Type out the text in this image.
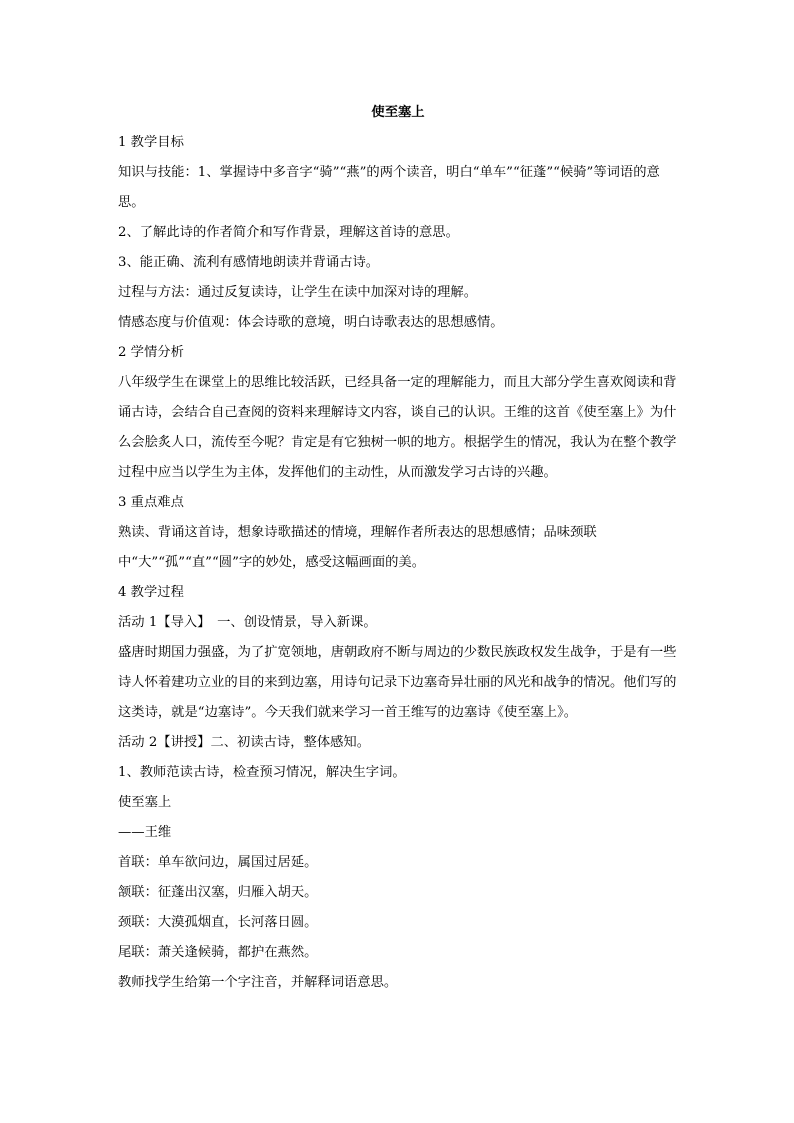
使至塞上

1 教学目标

知识与技能：1、掌握诗中多音字“骑”“燕”的两个读音，明白“单车”“征蓬”“候骑”等词语的意思。

2、了解此诗的作者简介和写作背景，理解这首诗的意思。

3、能正确、流利有感情地朗读并背诵古诗。

过程与方法：通过反复读诗，让学生在读中加深对诗的理解。

情感态度与价值观：体会诗歌的意境，明白诗歌表达的思想感情。

2 学情分析

八年级学生在课堂上的思维比较活跃，已经具备一定的理解能力，而且大部分学生喜欢阅读和背诵古诗，会结合自己查阅的资料来理解诗文内容，谈自己的认识。王维的这首《使至塞上》为什么会脍炙人口，流传至今呢？肯定是有它独树一帜的地方。根据学生的情况，我认为在整个教学过程中应当以学生为主体，发挥他们的主动性，从而激发学习古诗的兴趣。

3 重点难点

熟读、背诵这首诗，想象诗歌描述的情境，理解作者所表达的思想感情；品味颈联中“大”“孤”“直”“圆”字的妙处，感受这幅画面的美。

4 教学过程

活动 1【导入】　一、创设情景，导入新课。

盛唐时期国力强盛，为了扩宽领地，唐朝政府不断与周边的少数民族政权发生战争，于是有一些诗人怀着建功立业的目的来到边塞，用诗句记录下边塞奇异壮丽的风光和战争的情况。他们写的这类诗，就是“边塞诗”。今天我们就来学习一首王维写的边塞诗《使至塞上》。

活动 2【讲授】二、初读古诗，整体感知。

1、教师范读古诗，检查预习情况，解决生字词。

使至塞上

——王维

首联：单车欲问边，属国过居延。

颔联：征蓬出汉塞，归雁入胡天。

颈联：大漠孤烟直，长河落日圆。

尾联：萧关逢候骑，都护在燕然。

教师找学生给第一个字注音，并解释词语意思。
